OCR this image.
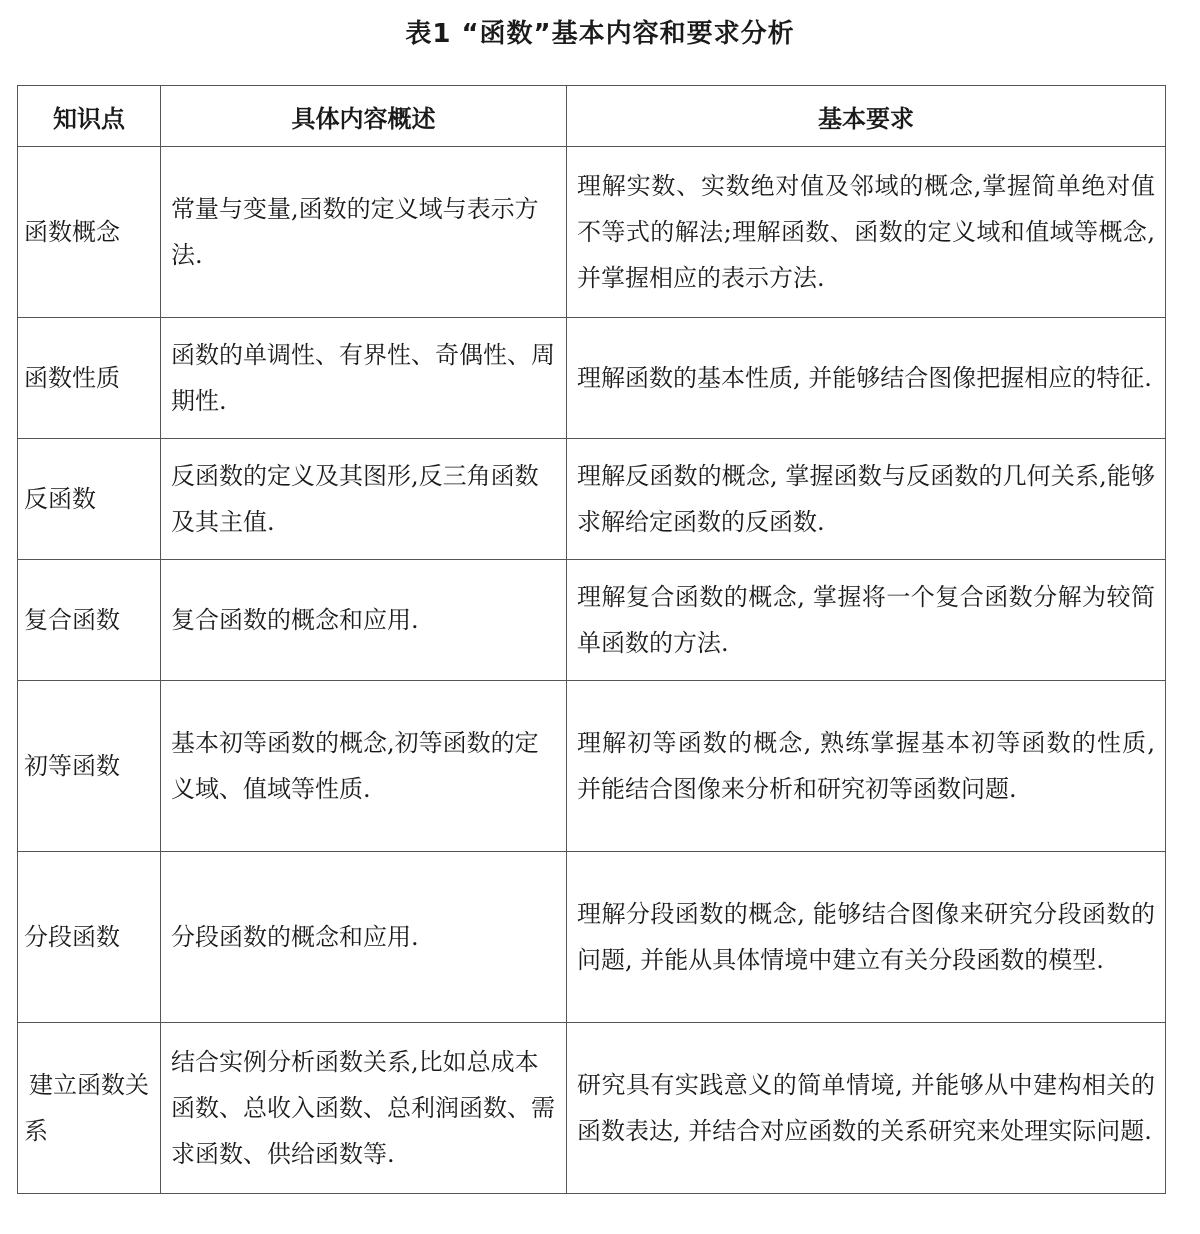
表1 “函数”基本内容和要求分析
知识点	具体内容概述	基本要求
函数概念	常量与变量,函数的定义域与表示方法.	理解实数、实数绝对值及邻域的概念,掌握简单绝对值不等式的解法;理解函数、函数的定义域和值域等概念,并掌握相应的表示方法.
函数性质	函数的单调性、有界性、奇偶性、周期性.	理解函数的基本性质, 并能够结合图像把握相应的特征.
反函数	反函数的定义及其图形,反三角函数及其主值.	理解反函数的概念, 掌握函数与反函数的几何关系,能够求解给定函数的反函数.
复合函数	复合函数的概念和应用.	理解复合函数的概念, 掌握将一个复合函数分解为较简单函数的方法.
初等函数	基本初等函数的概念,初等函数的定义域、值域等性质.	理解初等函数的概念, 熟练掌握基本初等函数的性质, 并能结合图像来分析和研究初等函数问题.
分段函数	分段函数的概念和应用.	理解分段函数的概念, 能够结合图像来研究分段函数的问题, 并能从具体情境中建立有关分段函数的模型.
建立函数关系	结合实例分析函数关系,比如总成本函数、总收入函数、总利润函数、需求函数、供给函数等.	研究具有实践意义的简单情境, 并能够从中建构相关的函数表达, 并结合对应函数的关系研究来处理实际问题.
